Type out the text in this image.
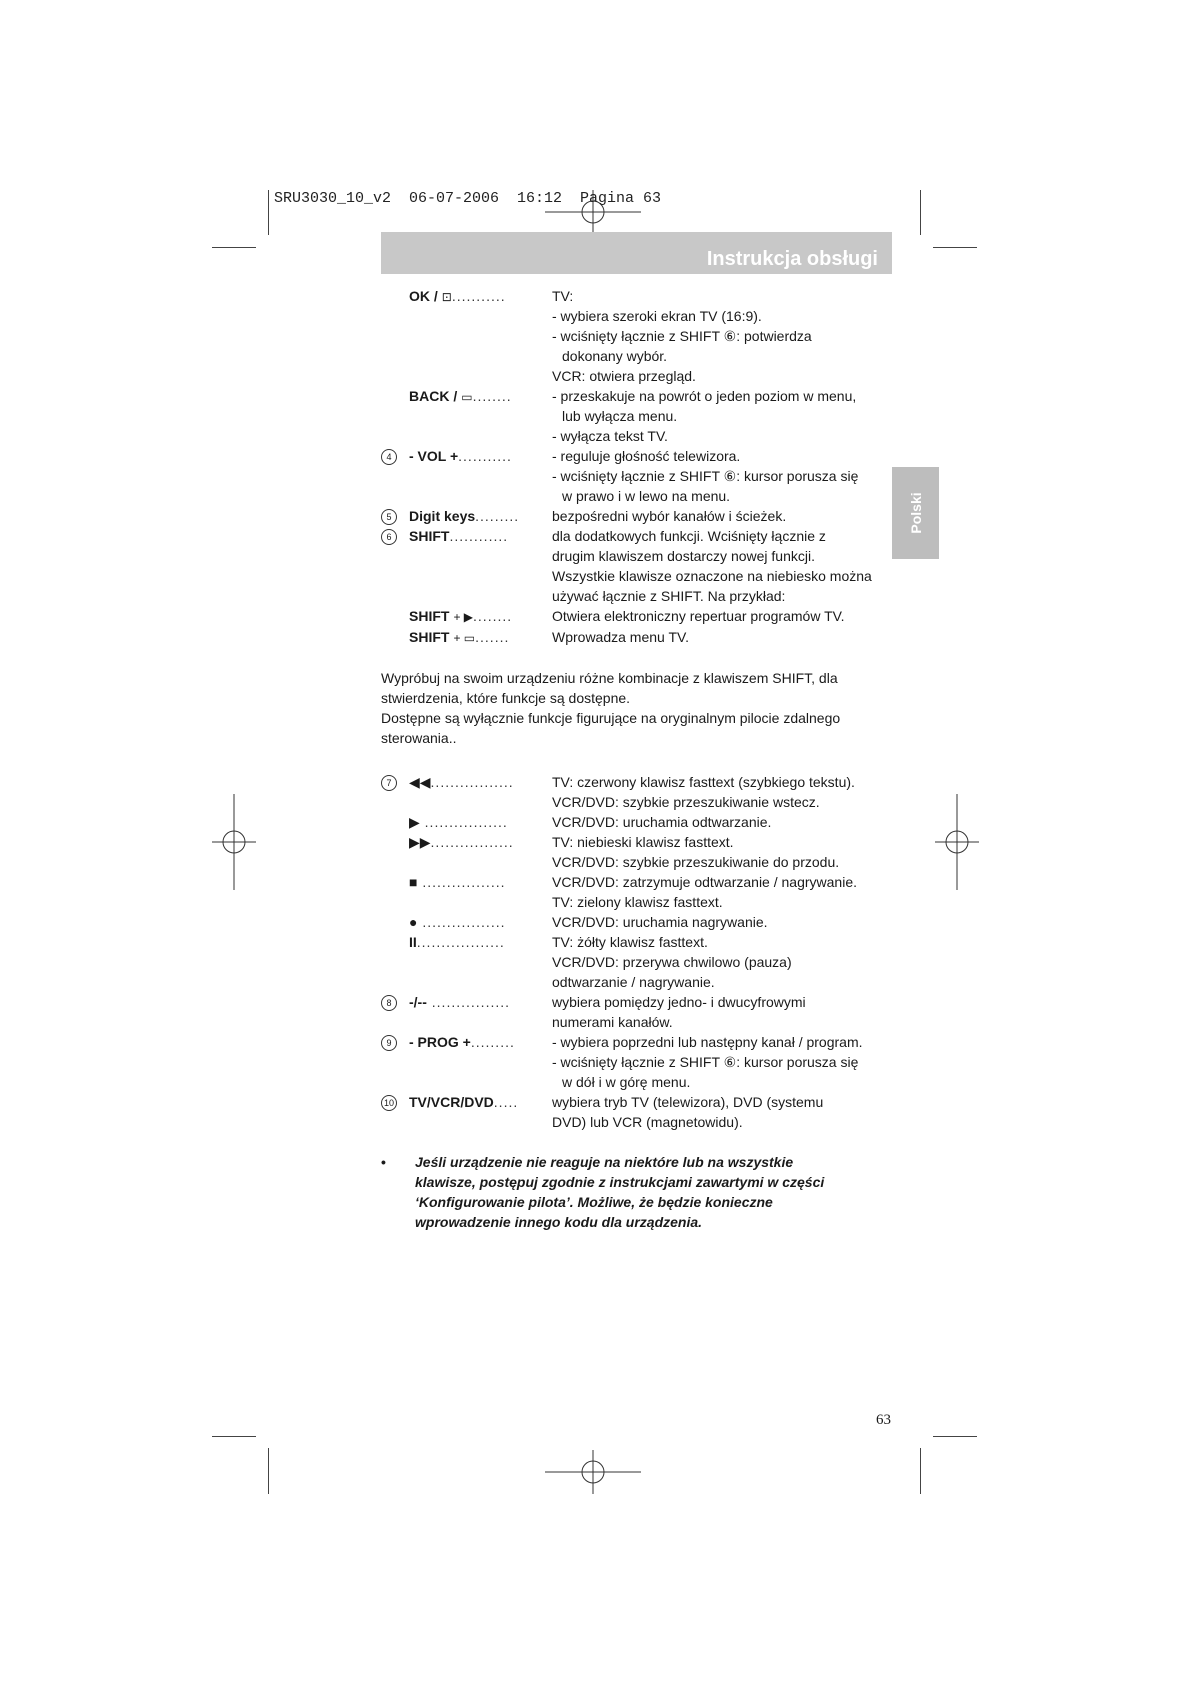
SRU3030_10_v2  06-07-2006  16:12  Pagina 63
Instrukcja obsługi
Polski
OK / ⊡...........	TV:
- wybiera szeroki ekran TV (16:9).
- wciśnięty łącznie z SHIFT ⑥: potwierdza
dokonany wybór.
VCR: otwiera przegląd.
BACK / ▭........	- przeskakuje na powrót o jeden poziom w menu,
lub wyłącza menu.
- wyłącza tekst TV.
4	- VOL +...........	- reguluje głośność telewizora.
- wciśnięty łącznie z SHIFT ⑥: kursor porusza się
w prawo i w lewo na menu.
5	Digit keys.........	bezpośredni wybór kanałów i ścieżek.
6	SHIFT............	dla dodatkowych funkcji. Wciśnięty łącznie z
drugim klawiszem dostarczy nowej funkcji.
Wszystkie klawisze oznaczone na niebiesko można
używać łącznie z SHIFT. Na przykład:
SHIFT + ▶........	Otwiera elektroniczny repertuar programów TV.
SHIFT + ▭.......	Wprowadza menu TV.
Wypróbuj na swoim urządzeniu różne kombinacje z klawiszem SHIFT, dla stwierdzenia, które funkcje są dostępne.
Dostępne są wyłącznie funkcje figurujące na oryginalnym pilocie zdalnego sterowania..
7	◀◀.................	TV: czerwony klawisz fasttext (szybkiego tekstu).
VCR/DVD: szybkie przeszukiwanie wstecz.
▶ .................	VCR/DVD: uruchamia odtwarzanie.
▶▶.................	TV: niebieski klawisz fasttext.
VCR/DVD: szybkie przeszukiwanie do przodu.
■ .................	VCR/DVD: zatrzymuje odtwarzanie / nagrywanie.
TV: zielony klawisz fasttext.
● .................	VCR/DVD: uruchamia nagrywanie.
II..................	TV: żółty klawisz fasttext.
VCR/DVD: przerywa chwilowo (pauza)
odtwarzanie / nagrywanie.
8	-/-- ................	wybiera pomiędzy jedno- i dwucyfrowymi
numerami kanałów.
9	- PROG +.........	- wybiera poprzedni lub następny kanał / program.
- wciśnięty łącznie z SHIFT ⑥: kursor porusza się
w dół i w górę menu.
10	TV/VCR/DVD.....	wybiera tryb TV (telewizora), DVD (systemu
DVD) lub VCR (magnetowidu).
•	Jeśli urządzenie nie reaguje na niektóre lub na wszystkie klawisze, postępuj zgodnie z instrukcjami zawartymi w części ‘Konfigurowanie pilota’. Możliwe, że będzie konieczne wprowadzenie innego kodu dla urządzenia.
63
